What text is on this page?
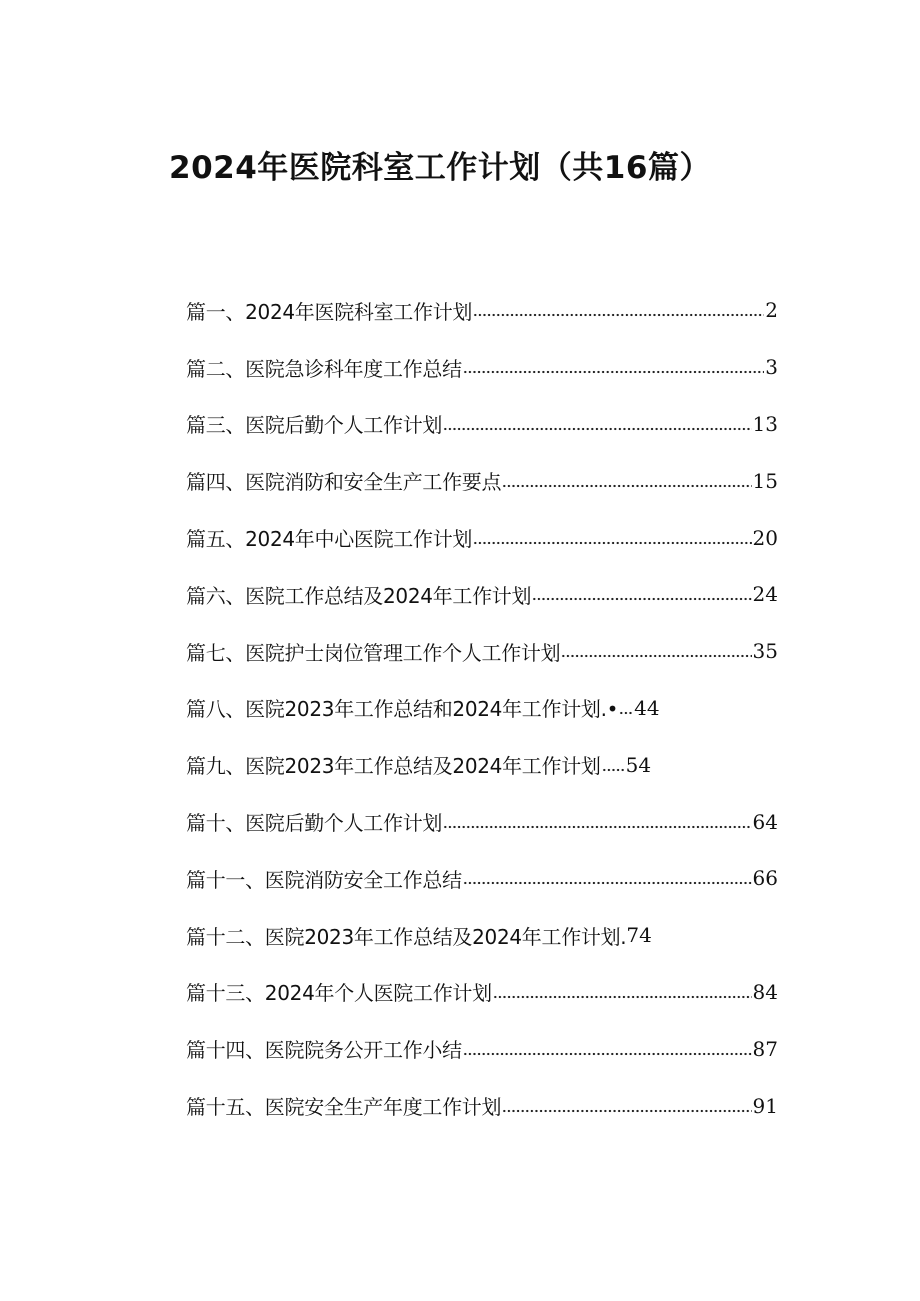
2024年医院科室工作计划（共16篇）
篇一、2024年医院科室工作计划	2
篇二、医院急诊科年度工作总结	3
篇三、医院后勤个人工作计划	13
篇四、医院消防和安全生产工作要点	15
篇五、2024年中心医院工作计划	20
篇六、医院工作总结及2024年工作计划	24
篇七、医院护士岗位管理工作个人工作计划	35
篇八、医院2023年工作总结和2024年工作计划.• 44
篇九、医院2023年工作总结及2024年工作计划 54
篇十、医院后勤个人工作计划	64
篇十一、医院消防安全工作总结	66
篇十二、医院2023年工作总结及2024年工作计划. 74
篇十三、2024年个人医院工作计划	84
篇十四、医院院务公开工作小结	87
篇十五、医院安全生产年度工作计划	91
